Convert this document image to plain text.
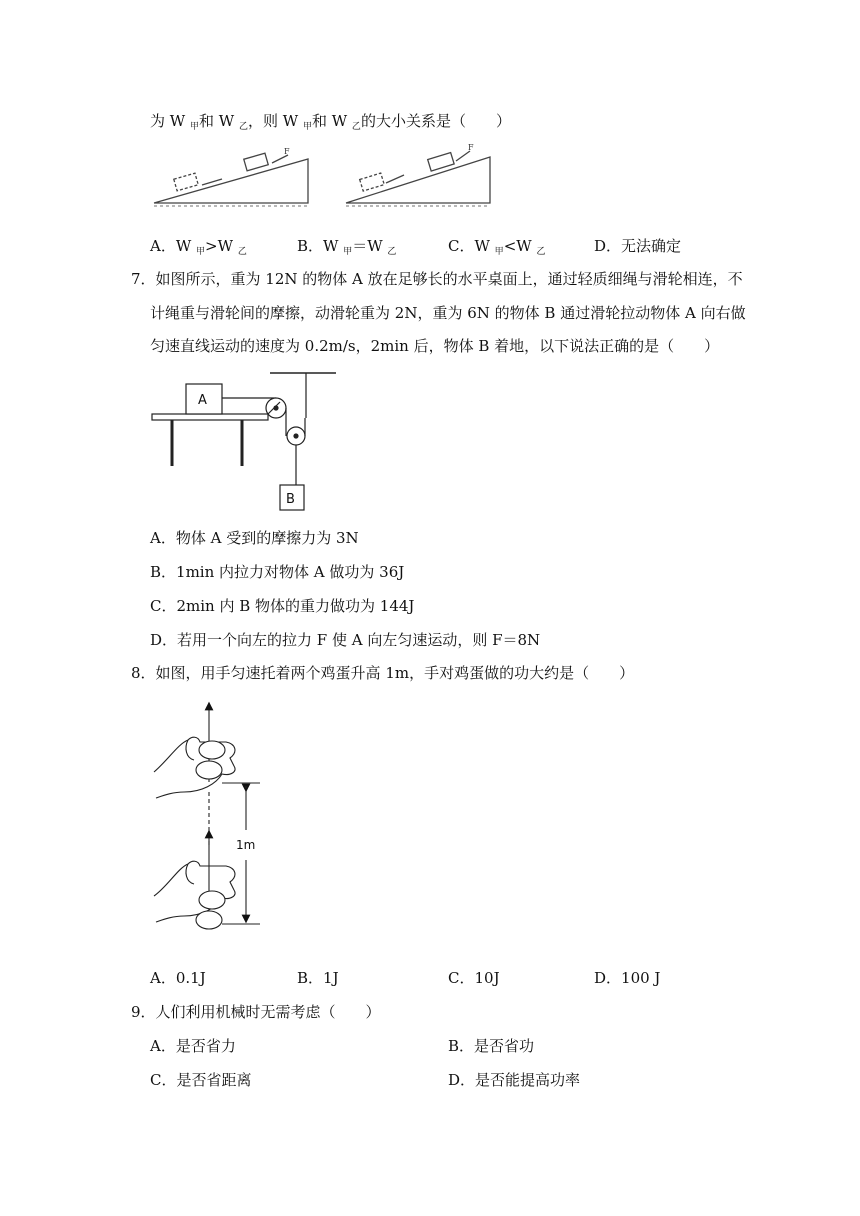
为 W $_甲$和 W $_乙$，则 W $_甲$和 W $_乙$的大小关系是（　　）
F	F
A．W $_甲$>W $_乙$	B．W $_甲$＝W $_乙$	C．W $_甲$<W $_乙$	D．无法确定
7．如图所示，重为 12N 的物体 A 放在足够长的水平桌面上，通过轻质细绳与滑轮相连，不
计绳重与滑轮间的摩擦，动滑轮重为 2N，重为 6N 的物体 B 通过滑轮拉动物体 A 向右做
匀速直线运动的速度为 0.2m/s，2min 后，物体 B 着地，以下说法正确的是（　　）
A
B
A．物体 A 受到的摩擦力为 3N
B．1min 内拉力对物体 A 做功为 36J
C．2min 内 B 物体的重力做功为 144J
D．若用一个向左的拉力 F 使 A 向左匀速运动，则 F＝8N
8．如图，用手匀速托着两个鸡蛋升高 1m，手对鸡蛋做的功大约是（　　）
1m
A．0.1J	B．1J	C．10J	D．100 J
9．人们利用机械时无需考虑（　　）
A．是否省力	B．是否省功
C．是否省距离	D．是否能提高功率
